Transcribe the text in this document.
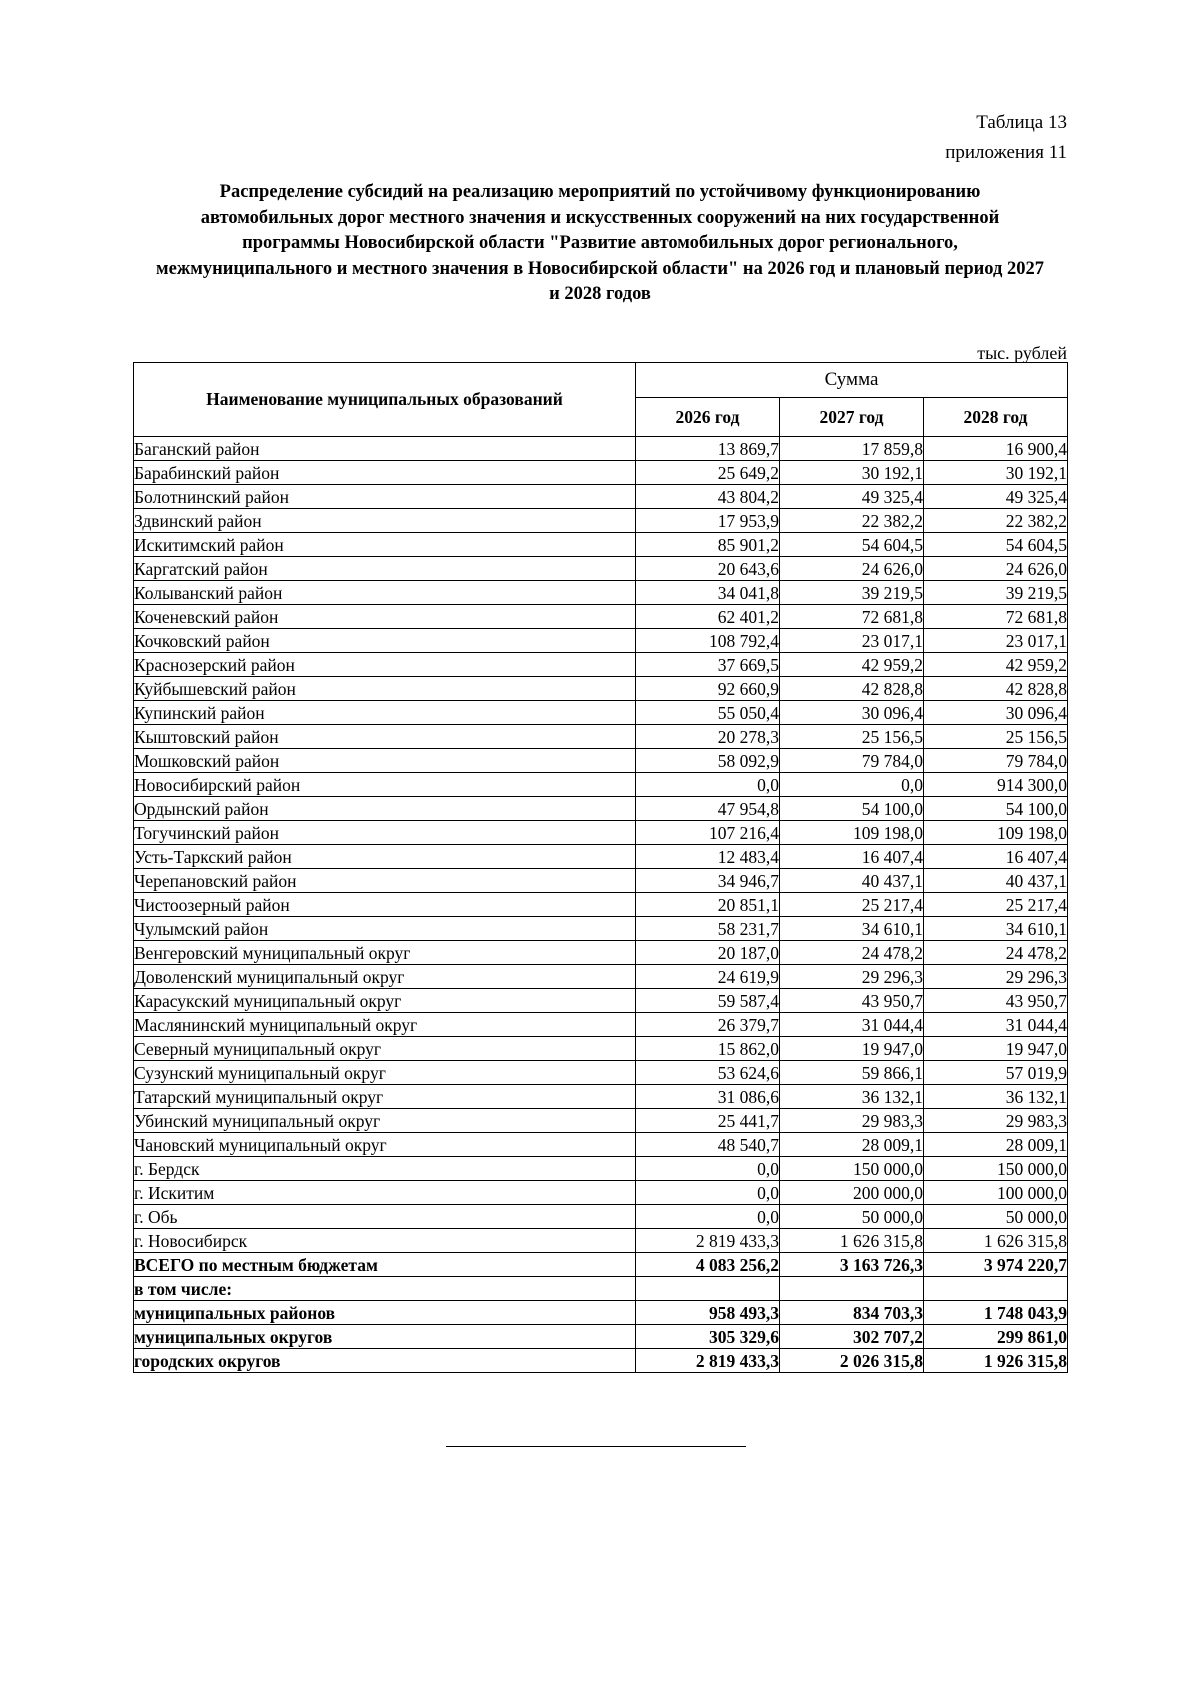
Таблица 13
приложения 11

Распределение субсидий на реализацию мероприятий по устойчивому функционированию

автомобильных дорог местного значения и искусственных сооружений на них государственной

программы Новосибирской области "Развитие автомобильных дорог регионального,

межмуниципального и местного значения в Новосибирской области" на 2026 год и плановый период 2027

и 2028 годов

тыс. рублей
Наименование муниципальных образований	Сумма		
	2026 год	2027 год	2028 год
Баганский район	13 869,7	17 859,8	16 900,4
Барабинский район	25 649,2	30 192,1	30 192,1
Болотнинский район	43 804,2	49 325,4	49 325,4
Здвинский район	17 953,9	22 382,2	22 382,2
Искитимский район	85 901,2	54 604,5	54 604,5
Каргатский район	20 643,6	24 626,0	24 626,0
Колыванский район	34 041,8	39 219,5	39 219,5
Коченевский район	62 401,2	72 681,8	72 681,8
Кочковский район	108 792,4	23 017,1	23 017,1
Краснозерский район	37 669,5	42 959,2	42 959,2
Куйбышевский район	92 660,9	42 828,8	42 828,8
Купинский район	55 050,4	30 096,4	30 096,4
Кыштовский район	20 278,3	25 156,5	25 156,5
Мошковский район	58 092,9	79 784,0	79 784,0
Новосибирский район	0,0	0,0	914 300,0
Ордынский район	47 954,8	54 100,0	54 100,0
Тогучинский район	107 216,4	109 198,0	109 198,0
Усть-Таркский район	12 483,4	16 407,4	16 407,4
Черепановский район	34 946,7	40 437,1	40 437,1
Чистоозерный район	20 851,1	25 217,4	25 217,4
Чулымский район	58 231,7	34 610,1	34 610,1
Венгеровский муниципальный округ	20 187,0	24 478,2	24 478,2
Доволенский муниципальный округ	24 619,9	29 296,3	29 296,3
Карасукский муниципальный округ	59 587,4	43 950,7	43 950,7
Маслянинский муниципальный округ	26 379,7	31 044,4	31 044,4
Северный муниципальный округ	15 862,0	19 947,0	19 947,0
Сузунский муниципальный округ	53 624,6	59 866,1	57 019,9
Татарский муниципальный округ	31 086,6	36 132,1	36 132,1
Убинский муниципальный округ	25 441,7	29 983,3	29 983,3
Чановский муниципальный округ	48 540,7	28 009,1	28 009,1
г. Бердск	0,0	150 000,0	150 000,0
г. Искитим	0,0	200 000,0	100 000,0
г. Обь	0,0	50 000,0	50 000,0
г. Новосибирск	2 819 433,3	1 626 315,8	1 626 315,8
ВСЕГО по местным бюджетам	4 083 256,2	3 163 726,3	3 974 220,7
в том числе:			
муниципальных районов	958 493,3	834 703,3	1 748 043,9
муниципальных округов	305 329,6	302 707,2	299 861,0
городских округов	2 819 433,3	2 026 315,8	1 926 315,8
